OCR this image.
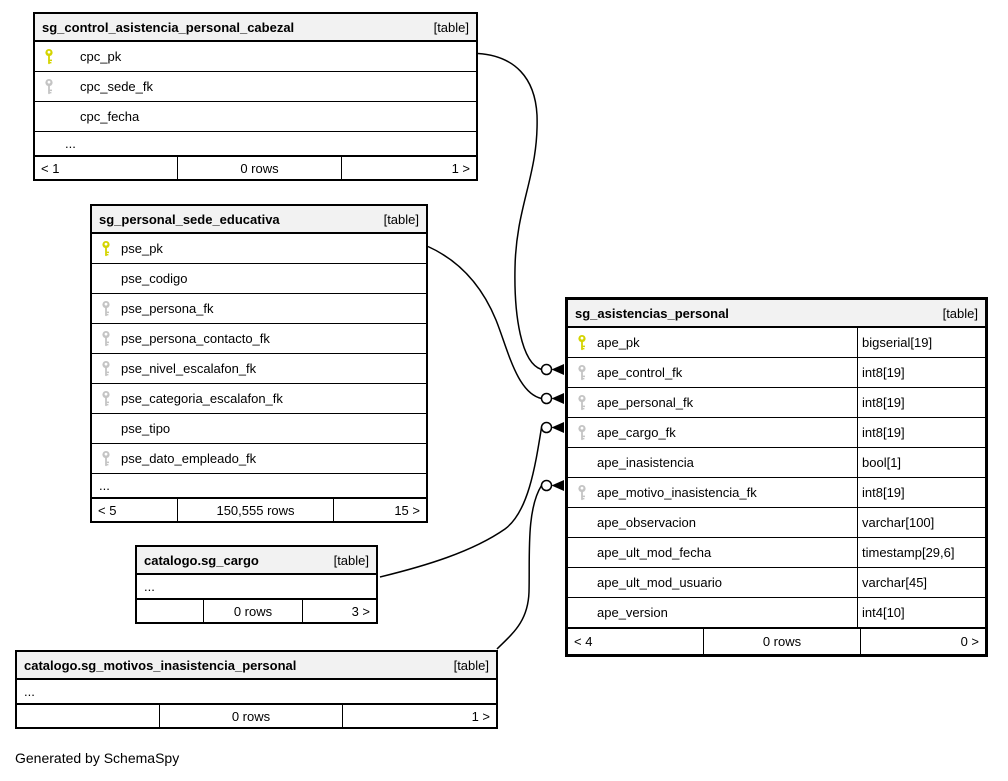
sg_control_asistencia_personal_cabezal	[table]
cpc_pk
cpc_sede_fk
cpc_fecha
...
< 1	0 rows	1 >
sg_personal_sede_educativa	[table]
pse_pk
pse_codigo
pse_persona_fk
pse_persona_contacto_fk
pse_nivel_escalafon_fk
pse_categoria_escalafon_fk
pse_tipo
pse_dato_empleado_fk
...
< 5	150,555 rows	15 >
catalogo.sg_cargo	[table]
...
0 rows	3 >
catalogo.sg_motivos_inasistencia_personal	[table]
...
0 rows	1 >
sg_asistencias_personal	[table]
ape_pk	bigserial[19]
ape_control_fk	int8[19]
ape_personal_fk	int8[19]
ape_cargo_fk	int8[19]
ape_inasistencia	bool[1]
ape_motivo_inasistencia_fk	int8[19]
ape_observacion	varchar[100]
ape_ult_mod_fecha	timestamp[29,6]
ape_ult_mod_usuario	varchar[45]
ape_version	int4[10]
< 4	0 rows	0 >
Generated by SchemaSpy
